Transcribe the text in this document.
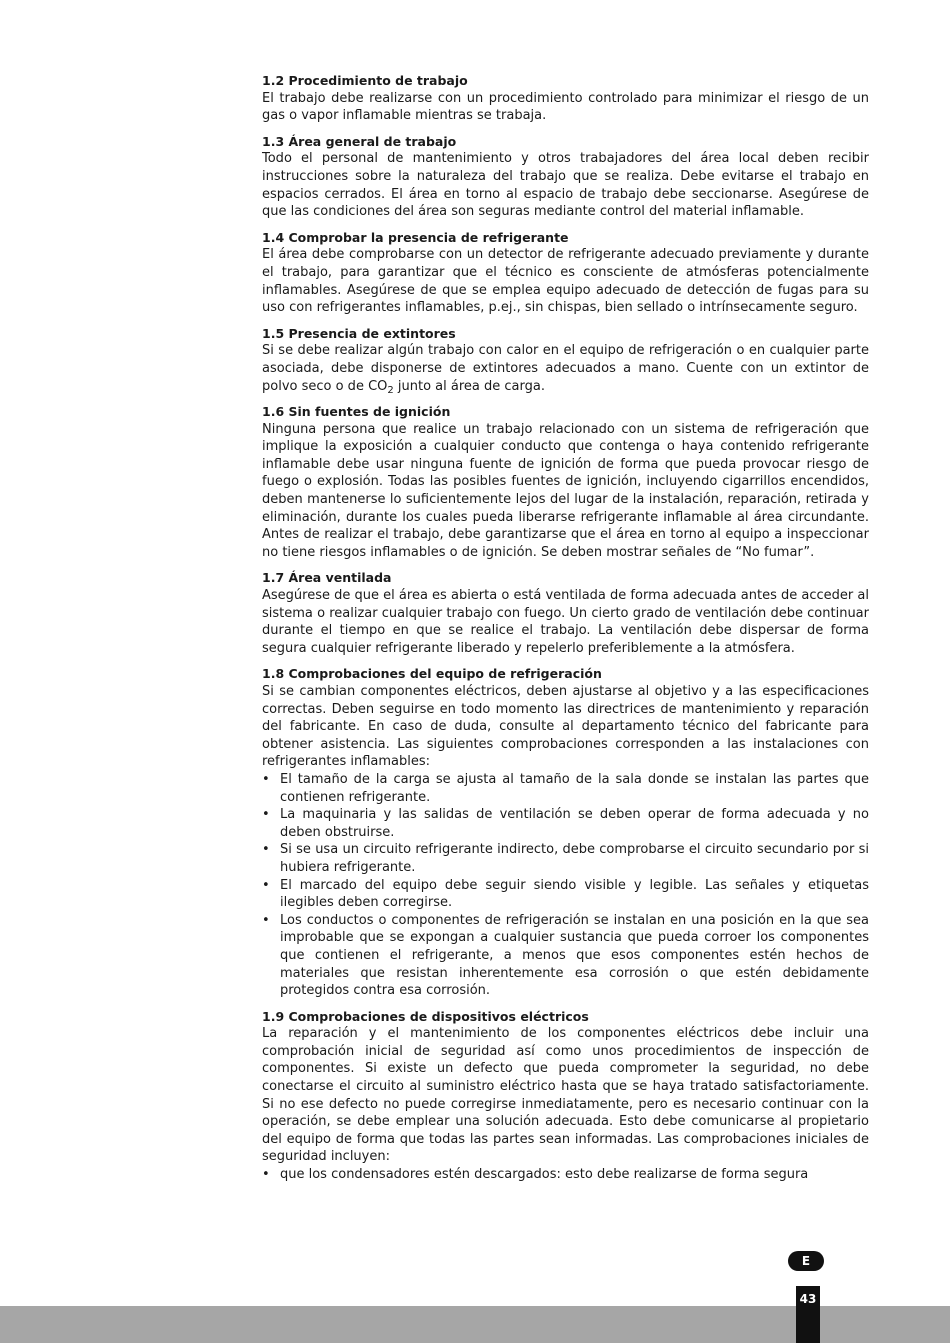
1.2 Procedimiento de trabajo

El trabajo debe realizarse con un procedimiento controlado para minimizar el riesgo de un gas o vapor inflamable mientras se trabaja.

1.3 Área general de trabajo

Todo el personal de mantenimiento y otros trabajadores del área local deben recibir instrucciones sobre la naturaleza del trabajo que se realiza. Debe evitarse el trabajo en espacios cerrados. El área en torno al espacio de trabajo debe seccionarse. Asegúrese de que las condiciones del área son seguras mediante control del material inflamable.

1.4 Comprobar la presencia de refrigerante

El área debe comprobarse con un detector de refrigerante adecuado previamente y durante el trabajo, para garantizar que el técnico es consciente de atmósferas potencialmente inflamables. Asegúrese de que se emplea equipo adecuado de detección de fugas para su uso con refrigerantes inflamables, p.ej., sin chispas, bien sellado o intrínsecamente seguro.

1.5 Presencia de extintores

Si se debe realizar algún trabajo con calor en el equipo de refrigeración o en cualquier parte asociada, debe disponerse de extintores adecuados a mano. Cuente con un extintor de polvo seco o de $CO_2$ junto al área de carga.

1.6 Sin fuentes de ignición

Ninguna persona que realice un trabajo relacionado con un sistema de refrigeración que implique la exposición a cualquier conducto que contenga o haya contenido refrigerante inflamable debe usar ninguna fuente de ignición de forma que pueda provocar riesgo de fuego o explosión. Todas las posibles fuentes de ignición, incluyendo cigarrillos encendidos, deben mantenerse lo suficientemente lejos del lugar de la instalación, reparación, retirada y eliminación, durante los cuales pueda liberarse refrigerante inflamable al área circundante. Antes de realizar el trabajo, debe garantizarse que el área en torno al equipo a inspeccionar no tiene riesgos inflamables o de ignición. Se deben mostrar señales de “No fumar”.

1.7 Área ventilada

Asegúrese de que el área es abierta o está ventilada de forma adecuada antes de acceder al sistema o realizar cualquier trabajo con fuego. Un cierto grado de ventilación debe continuar durante el tiempo en que se realice el trabajo. La ventilación debe dispersar de forma segura cualquier refrigerante liberado y repelerlo preferiblemente a la atmósfera.

1.8 Comprobaciones del equipo de refrigeración

Si se cambian componentes eléctricos, deben ajustarse al objetivo y a las especificaciones correctas. Deben seguirse en todo momento las directrices de mantenimiento y reparación del fabricante. En caso de duda, consulte al departamento técnico del fabricante para obtener asistencia. Las siguientes comprobaciones corresponden a las instalaciones con refrigerantes inflamables:

• El tamaño de la carga se ajusta al tamaño de la sala donde se instalan las partes que contienen refrigerante.
• La maquinaria y las salidas de ventilación se deben operar de forma adecuada y no deben obstruirse.
• Si se usa un circuito refrigerante indirecto, debe comprobarse el circuito secundario por si hubiera refrigerante.
• El marcado del equipo debe seguir siendo visible y legible. Las señales y etiquetas ilegibles deben corregirse.
• Los conductos o componentes de refrigeración se instalan en una posición en la que sea improbable que se expongan a cualquier sustancia que pueda corroer los componentes que contienen el refrigerante, a menos que esos componentes estén hechos de materiales que resistan inherentemente esa corrosión o que estén debidamente protegidos contra esa corrosión.
1.9 Comprobaciones de dispositivos eléctricos

La reparación y el mantenimiento de los componentes eléctricos debe incluir una comprobación inicial de seguridad así como unos procedimientos de inspección de componentes. Si existe un defecto que pueda comprometer la seguridad, no debe conectarse el circuito al suministro eléctrico hasta que se haya tratado satisfactoriamente. Si no ese defecto no puede corregirse inmediatamente, pero es necesario continuar con la operación, se debe emplear una solución adecuada. Esto debe comunicarse al propietario del equipo de forma que todas las partes sean informadas. Las comprobaciones iniciales de seguridad incluyen:

• que los condensadores estén descargados: esto debe realizarse de forma segura
E
43
